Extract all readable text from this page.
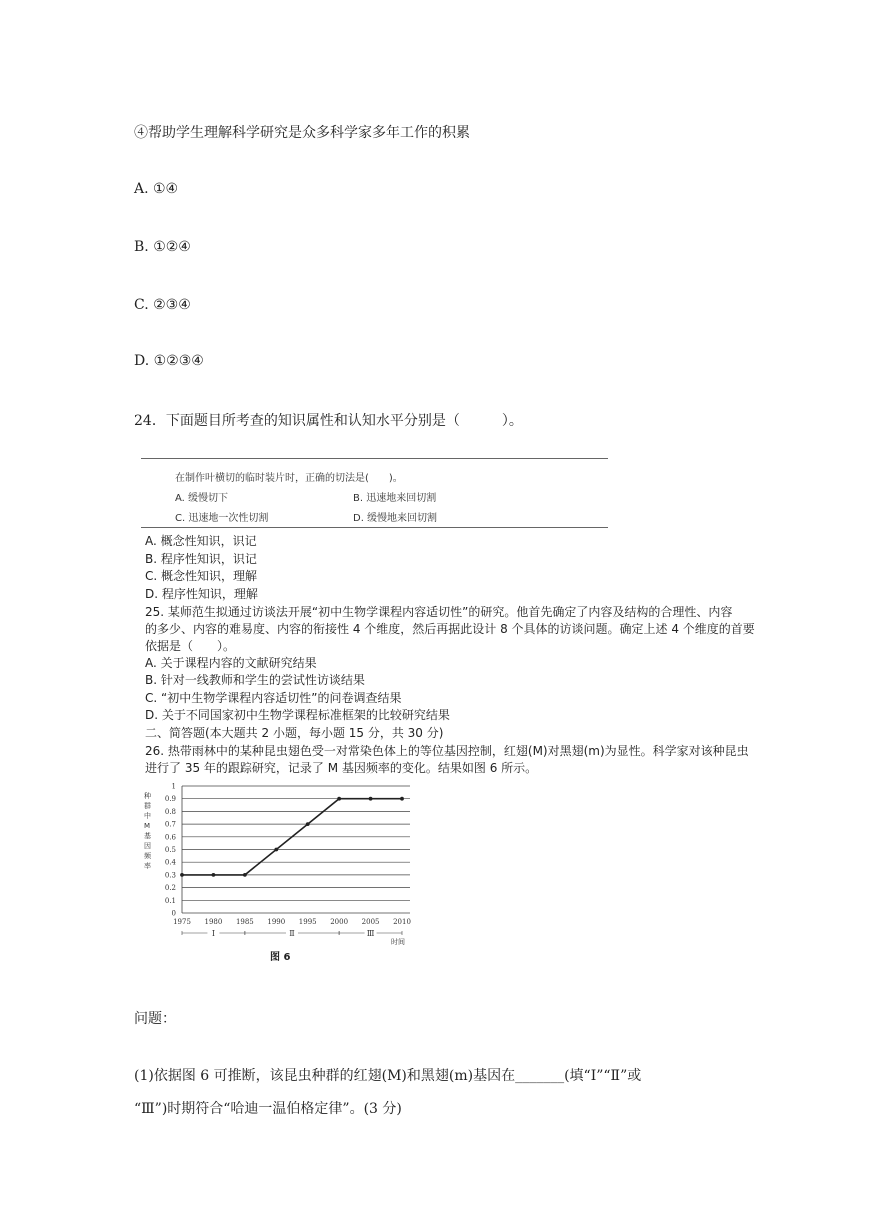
④帮助学生理解科学研究是众多科学家多年工作的积累
A. ①④
B. ①②④
C. ②③④
D. ①②③④
24．下面题目所考查的知识属性和认知水平分别是（　　　）。
在制作叶横切的临时装片时，正确的切法是(　　)。
A. 缓慢切下	B. 迅速地来回切割
C. 迅速地一次性切割	D. 缓慢地来回切割
A. 概念性知识，识记
B. 程序性知识，识记
C. 概念性知识，理解
D. 程序性知识，理解
25. 某师范生拟通过访谈法开展“初中生物学课程内容适切性”的研究。他首先确定了内容及结构的合理性、内容
的多少、内容的难易度、内容的衔接性 4 个维度，然后再据此设计 8 个具体的访谈问题。确定上述 4 个维度的首要
依据是（　　）。
A. 关于课程内容的文献研究结果
B. 针对一线教师和学生的尝试性访谈结果
C. “初中生物学课程内容适切性”的问卷调查结果
D. 关于不同国家初中生物学课程标准框架的比较研究结果
二、简答题(本大题共 2 小题，每小题 15 分，共 30 分)
26. 热带雨林中的某种昆虫翅色受一对常染色体上的等位基因控制，红翅(M)对黑翅(m)为显性。科学家对该种昆虫
进行了 35 年的跟踪研究，记录了 M 基因频率的变化。结果如图 6 所示。
种
群
中
M
基
因
频
率
0
0.1
0.2
0.3
0.4
0.5
0.6
0.7
0.8
0.9
1
1975 1980 1985 1990 1995 2000 2005 2010
Ⅰ	Ⅱ	Ⅲ
时间
图 6
问题：
(1)依据图 6 可推断，该昆虫种群的红翅(M)和黑翅(m)基因在_______(填“Ⅰ”“Ⅱ”或
“Ⅲ”)时期符合“哈迪一温伯格定律”。(3 分)
